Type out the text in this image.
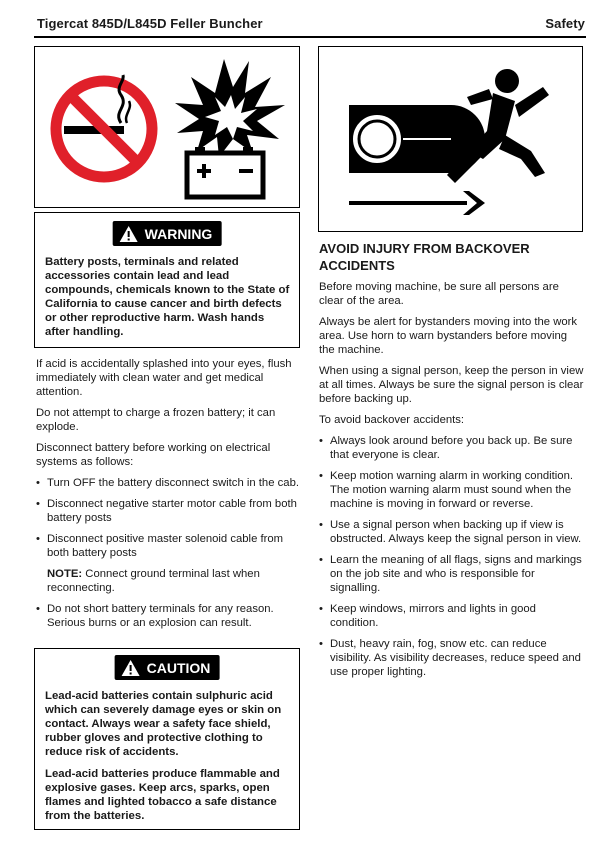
Tigercat 845D/L845D Feller Buncher	Safety
WARNING

Battery posts, terminals and related accessories contain lead and lead compounds, chemicals known to the State of California to cause cancer and birth defects or other reproductive harm. Wash hands after handling.

If acid is accidentally splashed into your eyes, flush immediately with clean water and get medical attention.

Do not attempt to charge a frozen battery; it can explode.

Disconnect battery before working on electrical systems as follows:

• Turn OFF the battery disconnect switch in the cab.
• Disconnect negative starter motor cable from both battery posts
• Disconnect positive master solenoid cable from both battery posts
NOTE: Connect ground terminal last when reconnecting.
• Do not short battery terminals for any reason. Serious burns or an explosion can result.
CAUTION

Lead-acid batteries contain sulphuric acid which can severely damage eyes or skin on contact. Always wear a safety face shield, rubber gloves and protective clothing to reduce risk of accidents.

Lead-acid batteries produce flammable and explosive gases. Keep arcs, sparks, open flames and lighted tobacco a safe distance from the batteries.

AVOID INJURY FROM BACKOVER ACCIDENTS

Before moving machine, be sure all persons are clear of the area.

Always be alert for bystanders moving into the work area. Use horn to warn bystanders before moving the machine.

When using a signal person, keep the person in view at all times. Always be sure the signal person is clear before backing up.

To avoid backover accidents:

• Always look around before you back up. Be sure that everyone is clear.
• Keep motion warning alarm in working condition. The motion warning alarm must sound when the machine is moving in forward or reverse.
• Use a signal person when backing up if view is obstructed. Always keep the signal person in view.
• Learn the meaning of all flags, signs and markings on the job site and who is responsible for signalling.
• Keep windows, mirrors and lights in good condition.
• Dust, heavy rain, fog, snow etc. can reduce visibility. As visibility decreases, reduce speed and use proper lighting.
